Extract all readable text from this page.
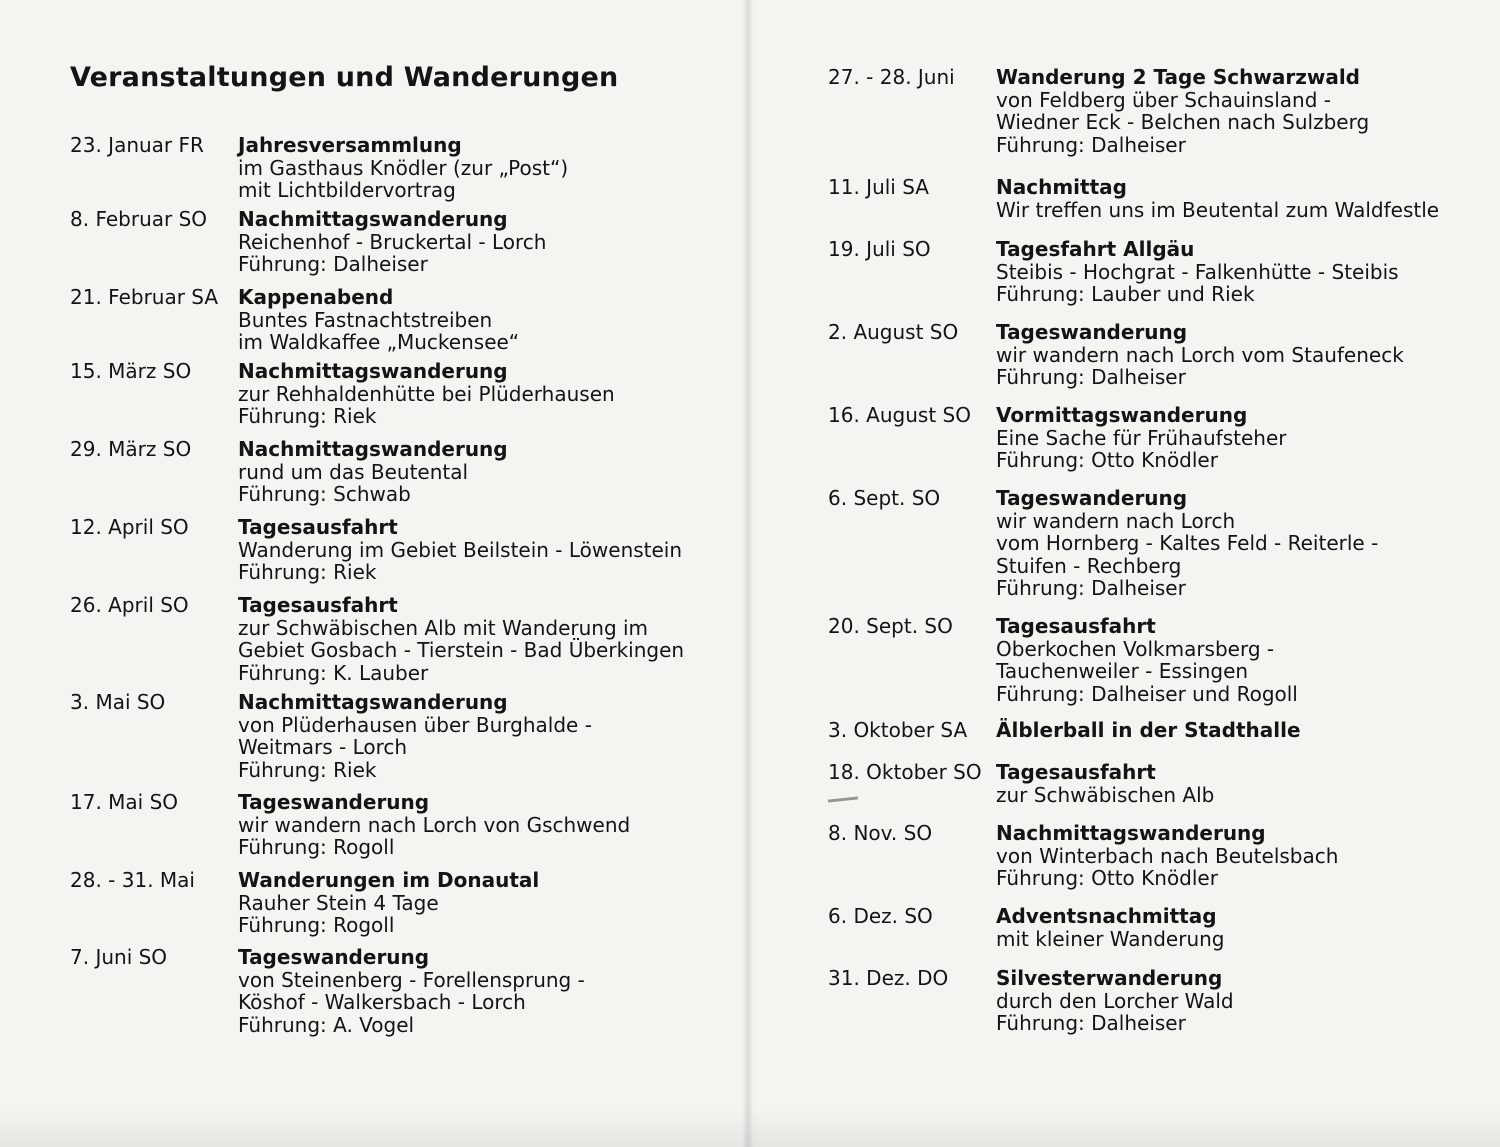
Veranstaltungen und Wanderungen
23. Januar FR Jahresversammlung
im Gasthaus Knödler (zur „Post“)
mit Lichtbildervortrag
8. Februar SO Nachmittagswanderung
Reichenhof - Bruckertal - Lorch
Führung: Dalheiser
21. Februar SA Kappenabend
Buntes Fastnachtstreiben
im Waldkaffee „Muckensee“
15. März SO Nachmittagswanderung
zur Rehhaldenhütte bei Plüderhausen
Führung: Riek
29. März SO Nachmittagswanderung
rund um das Beutental
Führung: Schwab
12. April SO Tagesausfahrt
Wanderung im Gebiet Beilstein - Löwenstein
Führung: Riek
26. April SO Tagesausfahrt
zur Schwäbischen Alb mit Wanderung im
Gebiet Gosbach - Tierstein - Bad Überkingen
Führung: K. Lauber
3. Mai SO	Nachmittagswanderung
von Plüderhausen über Burghalde -
Weitmars - Lorch
Führung: Riek
17. Mai SO	Tageswanderung
wir wandern nach Lorch von Gschwend
Führung: Rogoll
28. - 31. Mai Wanderungen im Donautal
Rauher Stein 4 Tage
Führung: Rogoll
7. Juni SO	Tageswanderung
von Steinenberg - Forellensprung -
Köshof - Walkersbach - Lorch
Führung: A. Vogel
27. - 28. Juni Wanderung 2 Tage Schwarzwald
von Feldberg über Schauinsland -
Wiedner Eck - Belchen nach Sulzberg
Führung: Dalheiser
11. Juli SA	Nachmittag
Wir treffen uns im Beutental zum Waldfestle
19. Juli SO	Tagesfahrt Allgäu
Steibis - Hochgrat - Falkenhütte - Steibis
Führung: Lauber und Riek
2. August SO Tageswanderung
wir wandern nach Lorch vom Staufeneck
Führung: Dalheiser
16. August SO Vormittagswanderung
Eine Sache für Frühaufsteher
Führung: Otto Knödler
6. Sept. SO	Tageswanderung
wir wandern nach Lorch
vom Hornberg - Kaltes Feld - Reiterle -
Stuifen - Rechberg
Führung: Dalheiser
20. Sept. SO Tagesausfahrt
Oberkochen Volkmarsberg -
Tauchenweiler - Essingen
Führung: Dalheiser und Rogoll
3. Oktober SA Älblerball in der Stadthalle
18. Oktober SO Tagesausfahrt
zur Schwäbischen Alb
8. Nov. SO	Nachmittagswanderung
von Winterbach nach Beutelsbach
Führung: Otto Knödler
6. Dez. SO	Adventsnachmittag
mit kleiner Wanderung
31. Dez. DO Silvesterwanderung
durch den Lorcher Wald
Führung: Dalheiser
